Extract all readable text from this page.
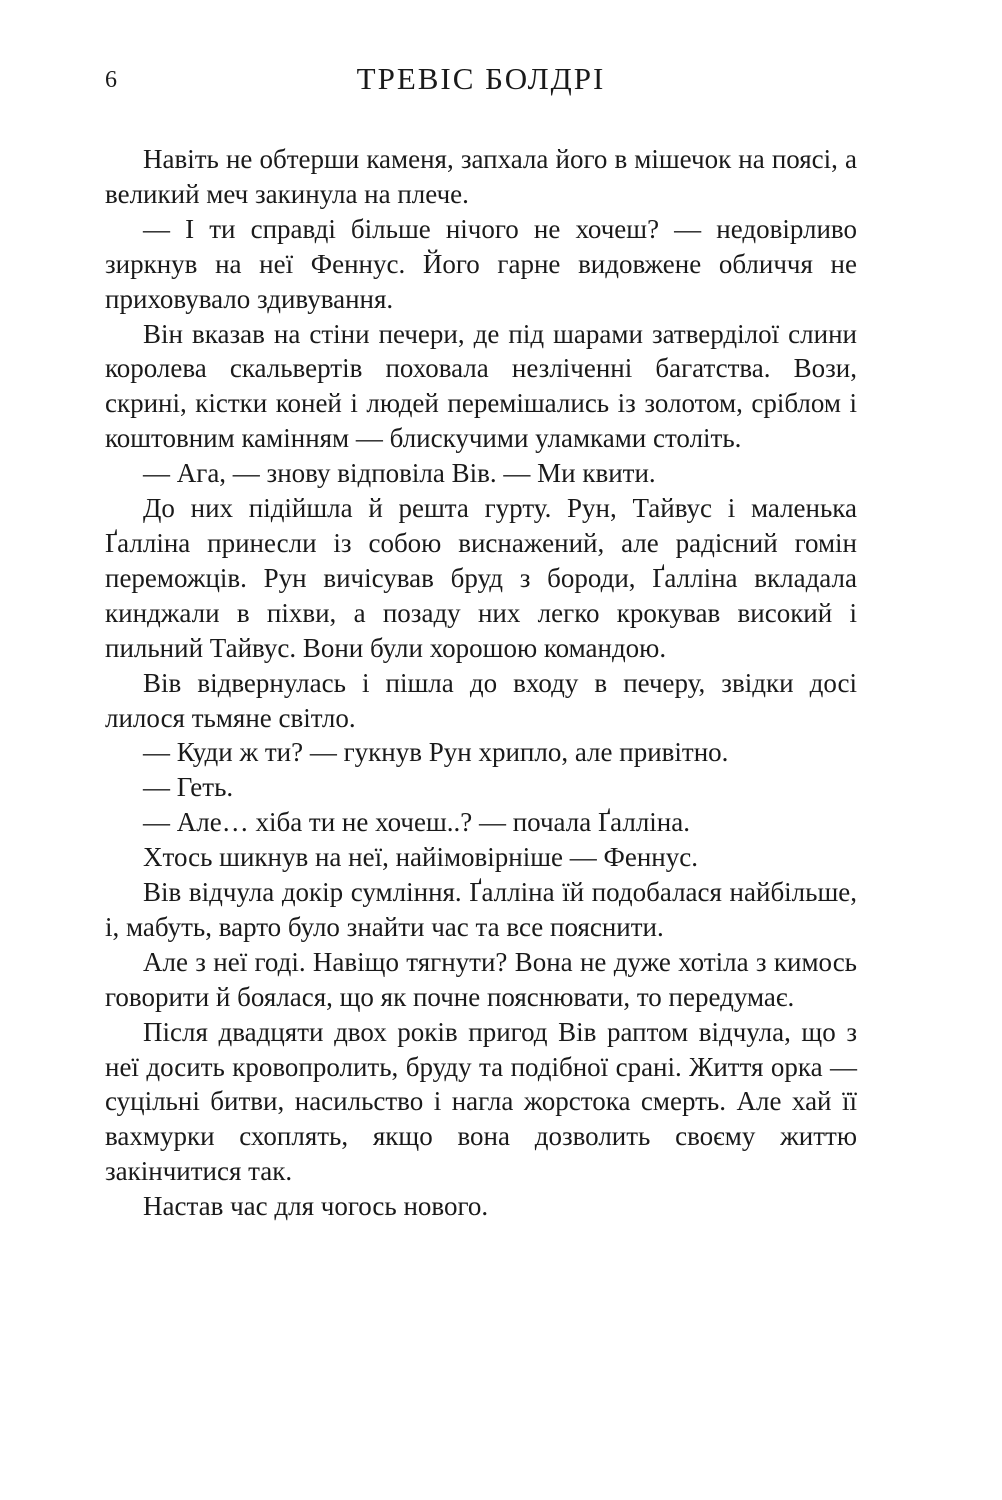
6	ТРЕВІС БОЛДРІ

Навіть не обтерши каменя, запхала його в мішечок на поясі, а великий меч закинула на плече.

— І ти справді більше нічого не хочеш? — недовірливо зиркнув на неї Феннус. Його гарне видовжене обличчя не приховувало здивування.

Він вказав на стіни печери, де під шарами затверділої слини королева скальвертів поховала незліченні багатства. Вози, скрині, кістки коней і людей перемішались із золотом, сріблом і коштовним камінням — блискучими уламками століть.

— Ага, — знову відповіла Вів. — Ми квити.

До них підійшла й решта гурту. Рун, Тайвус і маленька Ґалліна принесли із собою виснажений, але радісний гомін переможців. Рун вичісував бруд з бороди, Ґалліна вкладала кинджали в піхви, а позаду них легко крокував високий і пильний Тайвус. Вони були хорошою командою.

Вів відвернулась і пішла до входу в печеру, звідки досі лилося тьмяне світло.

— Куди ж ти? — гукнув Рун хрипло, але привітно.

— Геть.

— Але… хіба ти не хочеш..? — почала Ґалліна.

Хтось шикнув на неї, найімовірніше — Феннус.

Вів відчула докір сумління. Ґалліна їй подобалася найбільше, і, мабуть, варто було знайти час та все пояснити.

Але з неї годі. Навіщо тягнути? Вона не дуже хотіла з кимось говорити й боялася, що як почне пояснювати, то передумає.

Після двадцяти двох років пригод Вів раптом відчула, що з неї досить кровопролить, бруду та подібної срані. Життя орка — суцільні битви, насильство і нагла жорстока смерть. Але хай її вахмурки схоплять, якщо вона дозволить своєму життю закінчитися так.

Настав час для чогось нового.
